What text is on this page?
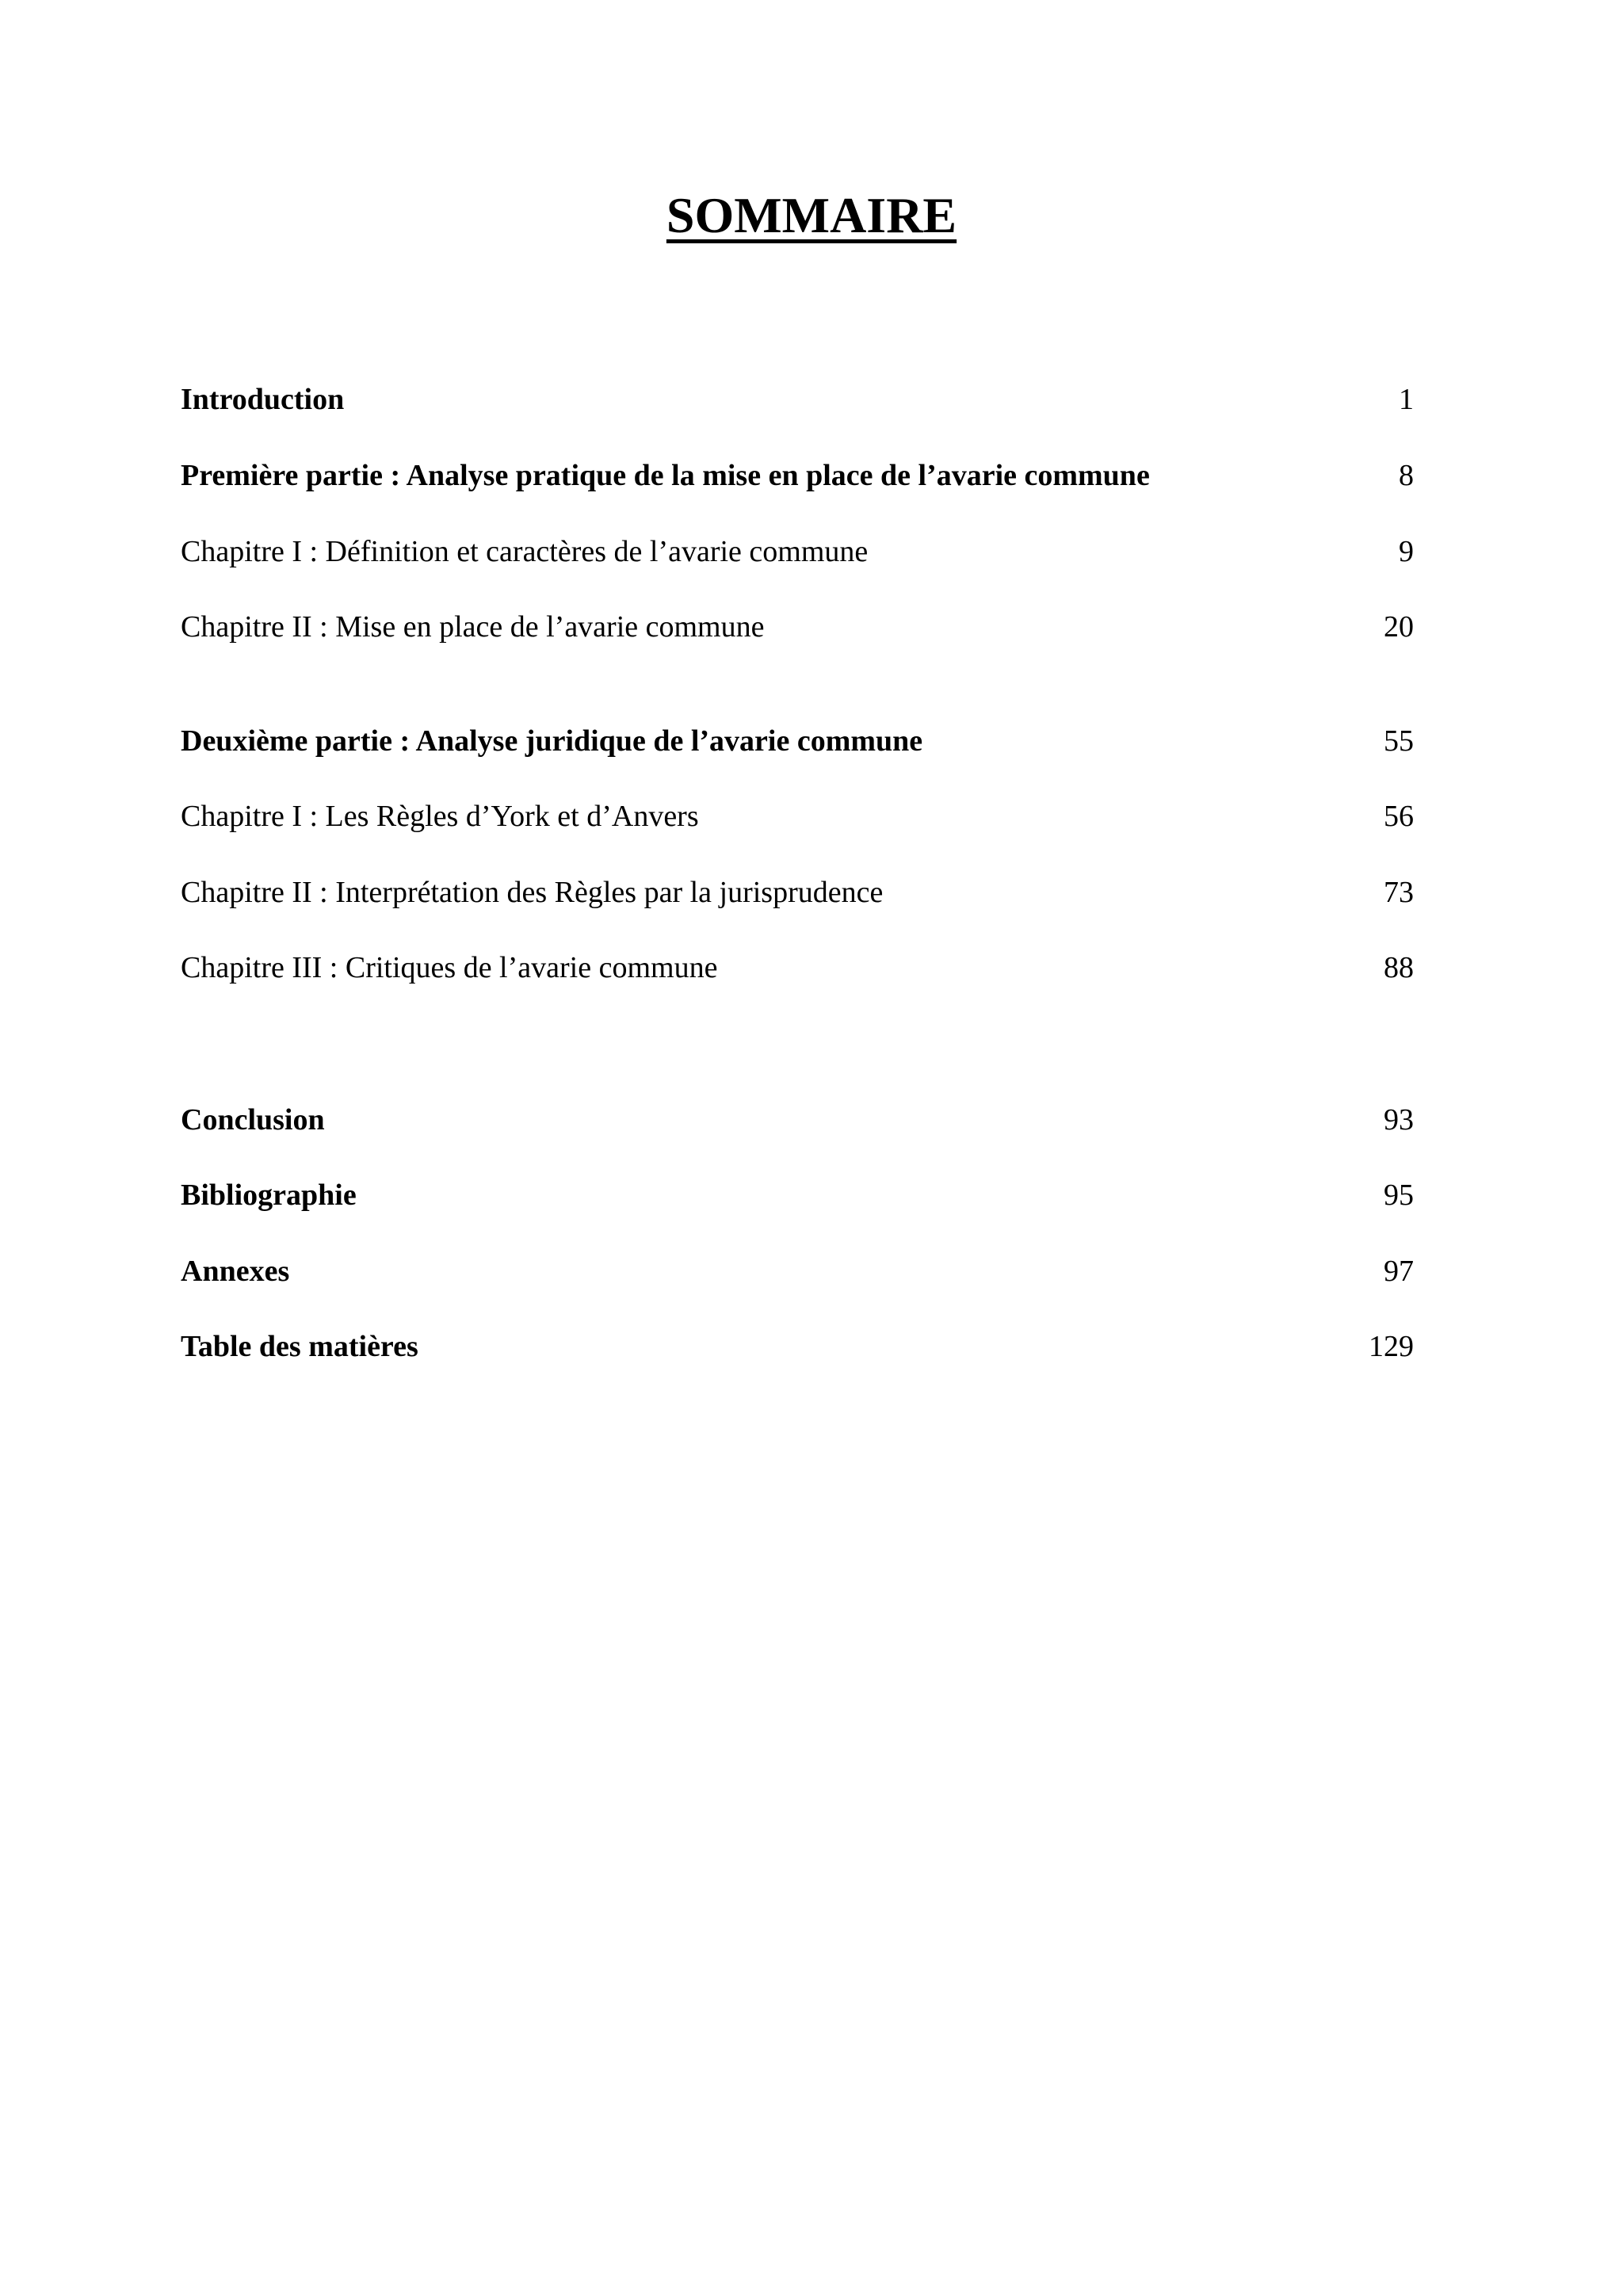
SOMMAIRE
Introduction	1
Première partie : Analyse pratique de la mise en place de l’avarie commune	8
Chapitre I : Définition et caractères de l’avarie commune	9
Chapitre II : Mise en place de l’avarie commune	20
Deuxième partie : Analyse juridique de l’avarie commune	55
Chapitre I : Les Règles d’York et d’Anvers	56
Chapitre II : Interprétation des Règles par la jurisprudence	73
Chapitre III : Critiques de l’avarie commune	88
Conclusion	93
Bibliographie	95
Annexes	97
Table des matières	129
